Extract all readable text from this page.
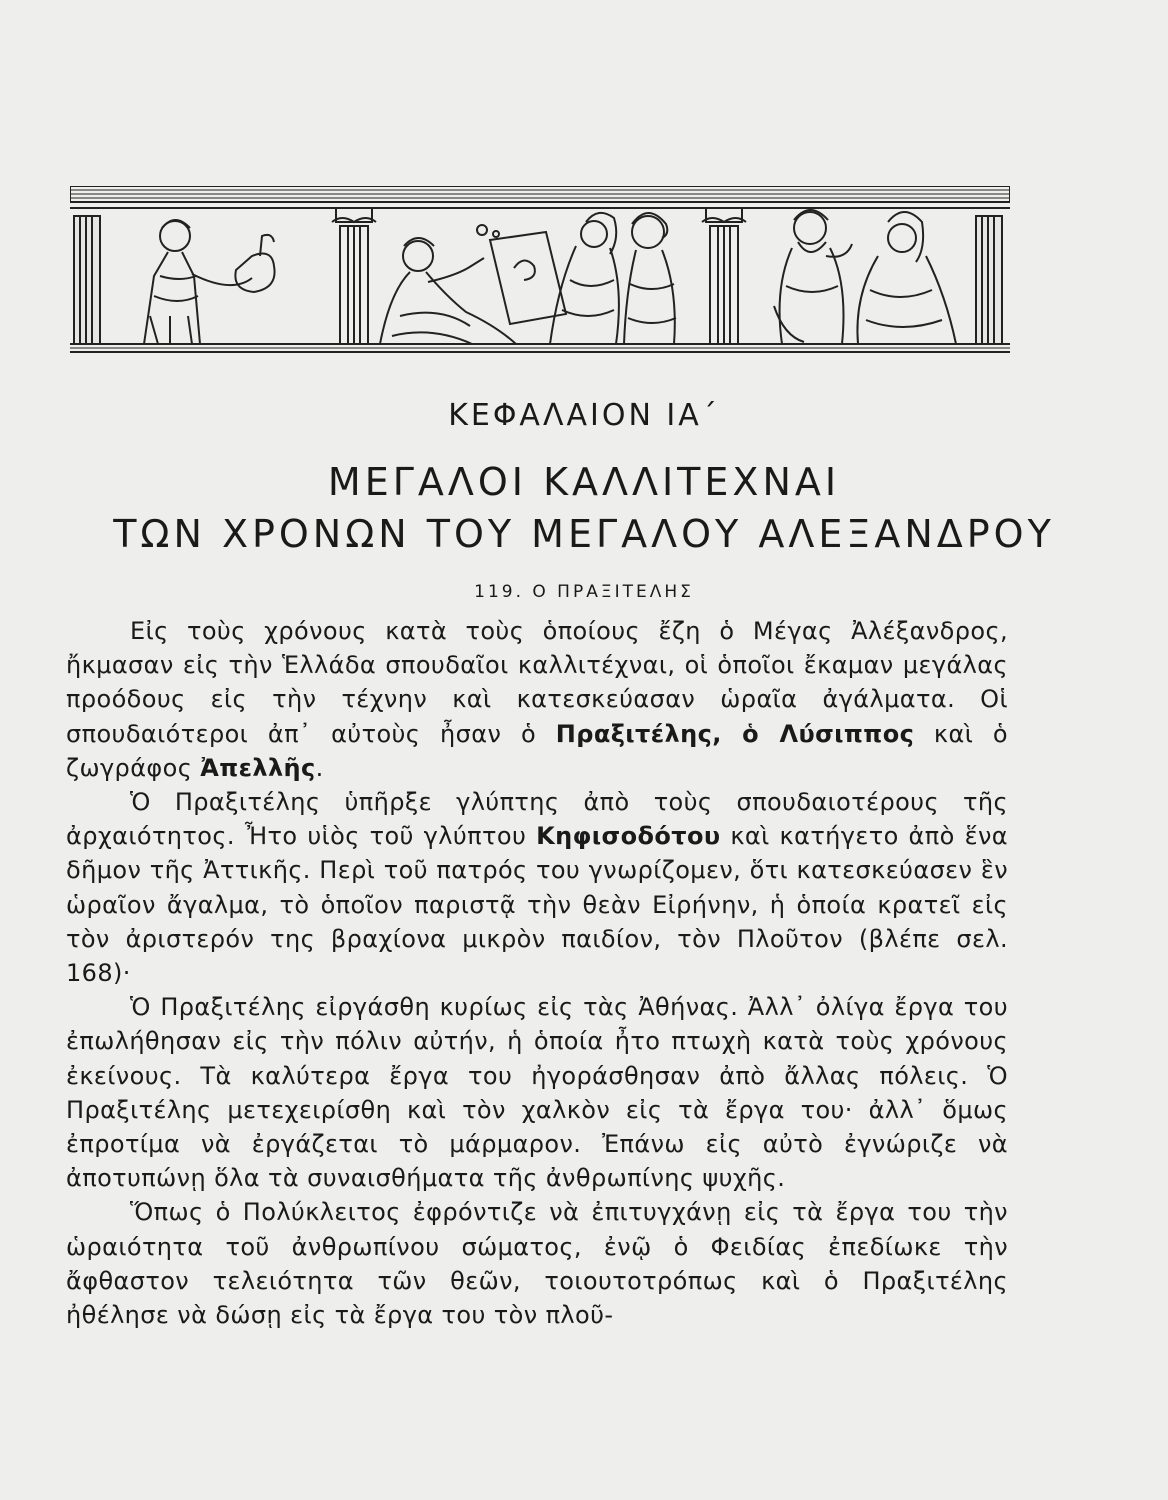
ΚΕΦΑΛΑΙΟΝ ΙΑ΄
ΜΕΓΑΛΟΙ ΚΑΛΛΙΤΕΧΝΑΙ
ΤΩΝ ΧΡΟΝΩΝ ΤΟΥ ΜΕΓΑΛΟΥ ΑΛΕΞΑΝΔΡΟΥ
119. Ο ΠΡΑΞΙΤΕΛΗΣ

Εἰς τοὺς χρόνους κατὰ τοὺς ὁποίους ἔζη ὁ Μέγας Ἀλέξανδρος, ἤκμασαν εἰς τὴν Ἑλλάδα σπουδαῖοι καλλιτέχναι, οἱ ὁποῖοι ἔκαμαν μεγάλας προόδους εἰς τὴν τέχνην καὶ κατεσκεύασαν ὡραῖα ἀγάλματα. Οἱ σπουδαιότεροι ἀπ᾽ αὐτοὺς ἦσαν ὁ Πραξιτέλης, ὁ Λύσιππος καὶ ὁ ζωγράφος Ἀπελλῆς.

Ὁ Πραξιτέλης ὑπῆρξε γλύπτης ἀπὸ τοὺς σπουδαιοτέρους τῆς ἀρχαιότητος. Ἦτο υἱὸς τοῦ γλύπτου Κηφισοδότου καὶ κατήγετο ἀπὸ ἕνα δῆμον τῆς Ἀττικῆς. Περὶ τοῦ πατρός του γνωρίζομεν, ὅτι κατεσκεύασεν ἓν ὡραῖον ἄγαλμα, τὸ ὁποῖον παριστᾷ τὴν θεὰν Εἰρήνην, ἡ ὁποία κρατεῖ εἰς τὸν ἀριστερόν της βραχίονα μικρὸν παιδίον, τὸν Πλοῦτον (βλέπε σελ. 168)·

Ὁ Πραξιτέλης εἰργάσθη κυρίως εἰς τὰς Ἀθήνας. Ἀλλ᾽ ὀλίγα ἔργα του ἐπωλήθησαν εἰς τὴν πόλιν αὐτήν, ἡ ὁποία ἦτο πτωχὴ κατὰ τοὺς χρόνους ἐκείνους. Τὰ καλύτερα ἔργα του ἠγοράσθησαν ἀπὸ ἄλλας πόλεις. Ὁ Πραξιτέλης μετεχειρίσθη καὶ τὸν χαλκὸν εἰς τὰ ἔργα του· ἀλλ᾽ ὅμως ἐπροτίμα νὰ ἐργάζεται τὸ μάρμαρον. Ἐπάνω εἰς αὐτὸ ἐγνώριζε νὰ ἀποτυπώνῃ ὅλα τὰ συναισθήματα τῆς ἀνθρωπίνης ψυχῆς.

Ὅπως ὁ Πολύκλειτος ἐφρόντιζε νὰ ἐπιτυγχάνῃ εἰς τὰ ἔργα του τὴν ὡραιότητα τοῦ ἀνθρωπίνου σώματος, ἐνῷ ὁ Φειδίας ἐπεδίωκε τὴν ἄφθαστον τελειότητα τῶν θεῶν, τοιουτοτρόπως καὶ ὁ Πραξιτέλης ἠθέλησε νὰ δώσῃ εἰς τὰ ἔργα του τὸν πλοῦ-
